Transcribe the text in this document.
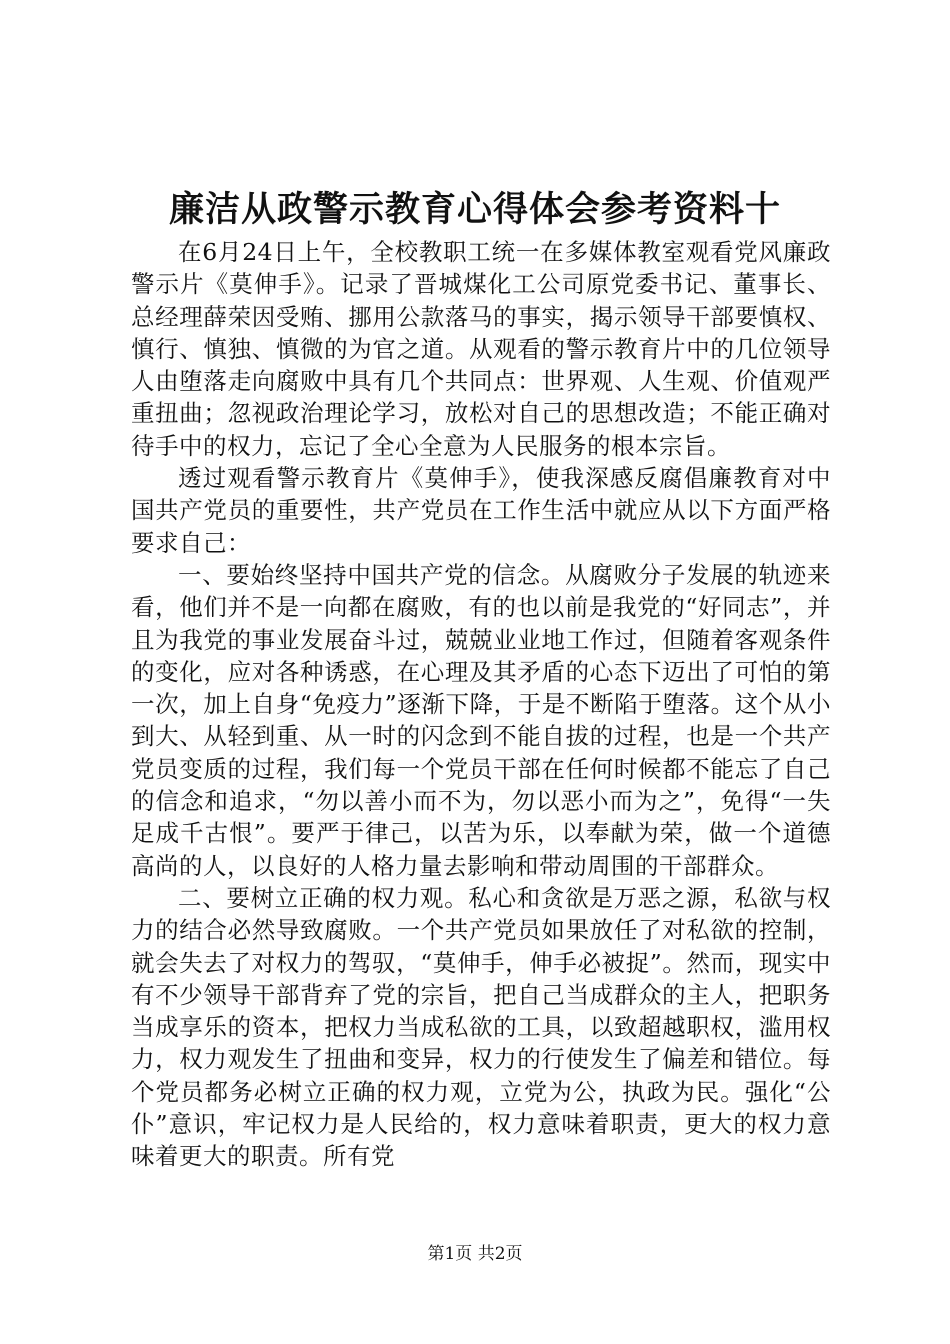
廉洁从政警示教育心得体会参考资料十

在6月24日上午，全校教职工统一在多媒体教室观看党风廉政警示片《莫伸手》。记录了晋城煤化工公司原党委书记、董事长、总经理薛荣因受贿、挪用公款落马的事实，揭示领导干部要慎权、慎行、慎独、慎微的为官之道。从观看的警示教育片中的几位领导人由堕落走向腐败中具有几个共同点：世界观、人生观、价值观严重扭曲；忽视政治理论学习，放松对自己的思想改造；不能正确对待手中的权力，忘记了全心全意为人民服务的根本宗旨。

透过观看警示教育片《莫伸手》，使我深感反腐倡廉教育对中国共产党员的重要性，共产党员在工作生活中就应从以下方面严格要求自己：

一、要始终坚持中国共产党的信念。从腐败分子发展的轨迹来看，他们并不是一向都在腐败，有的也以前是我党的“好同志”，并且为我党的事业发展奋斗过，兢兢业业地工作过，但随着客观条件的变化，应对各种诱惑，在心理及其矛盾的心态下迈出了可怕的第一次，加上自身“免疫力”逐渐下降，于是不断陷于堕落。这个从小到大、从轻到重、从一时的闪念到不能自拔的过程，也是一个共产党员变质的过程，我们每一个党员干部在任何时候都不能忘了自己的信念和追求，“勿以善小而不为，勿以恶小而为之”，免得“一失足成千古恨”。要严于律己，以苦为乐，以奉献为荣，做一个道德高尚的人，以良好的人格力量去影响和带动周围的干部群众。

二、要树立正确的权力观。私心和贪欲是万恶之源，私欲与权力的结合必然导致腐败。一个共产党员如果放任了对私欲的控制，就会失去了对权力的驾驭，“莫伸手，伸手必被捉”。然而，现实中有不少领导干部背弃了党的宗旨，把自己当成群众的主人，把职务当成享乐的资本，把权力当成私欲的工具，以致超越职权，滥用权力，权力观发生了扭曲和变异，权力的行使发生了偏差和错位。每个党员都务必树立正确的权力观，立党为公，执政为民。强化“公仆”意识，牢记权力是人民给的，权力意味着职责，更大的权力意味着更大的职责。所有党

第1页 共2页
